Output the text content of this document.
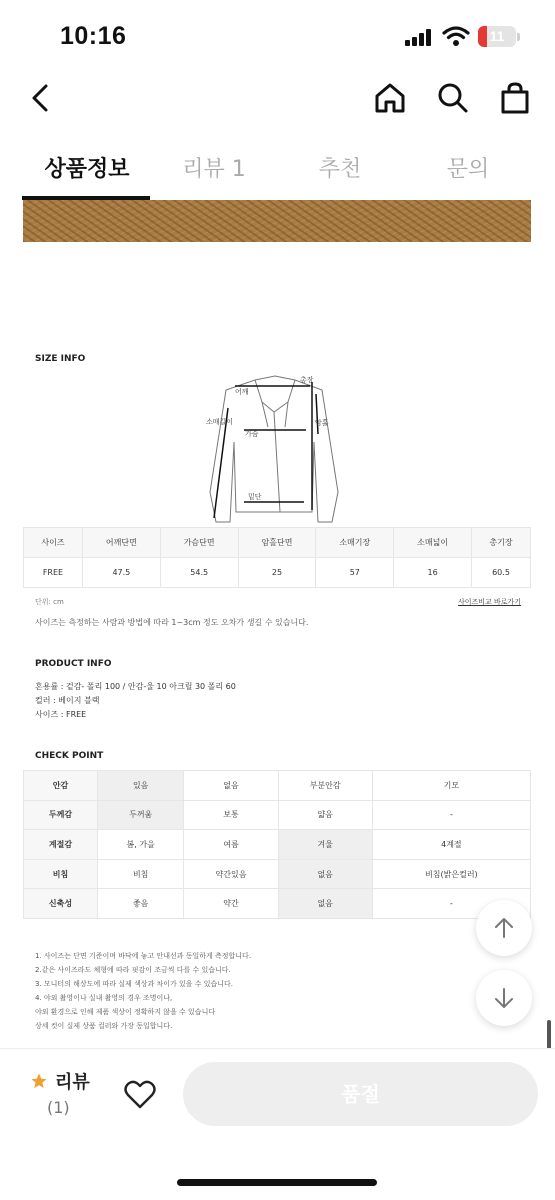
10:16	11
상품정보	리뷰 1	추천	문의
SIZE INFO
어깨
총장
소매길이	암홀
가슴
밑단
사이즈	어깨단면	가슴단면	암홀단면	소매기장	소매넓이	총기장
FREE	47.5	54.5	25	57	16	60.5
단위: cm	사이즈비교 바로가기
사이즈는 측정하는 사람과 방법에 따라 1~3cm 정도 오차가 생길 수 있습니다.
PRODUCT INFO
혼용률 : 겉감- 폴리 100 / 안감-울 10 아크릴 30 폴리 60
컬러 : 베이지 블랙
사이즈 : FREE
CHECK POINT
안감	있음	없음	부분안감	기모
두께감	두꺼움	보통	얇음	-
계절감	봄, 가을	여름	겨울	4계절
비침	비침	약간있음	없음	비침(밝은컬러)
신축성	좋음	약간	없음	-
1. 사이즈는 단면 기준이며 바닥에 놓고 안내선과 동일하게 측정합니다.
2.같은 사이즈라도 체형에 따라 핏감이 조금씩 다를 수 있습니다.
3. 모니터의 해상도에 따라 실제 색상과 차이가 있을 수 있습니다.
4. 야외 촬영이나 실내 촬영의 경우 조명이나,
야외 환경으로 인해 제품 색상이 정확하지 않을 수 있습니다
상세 컷이 실제 상품 컬러와 가장 동일합니다.
리뷰
(1)
품절
